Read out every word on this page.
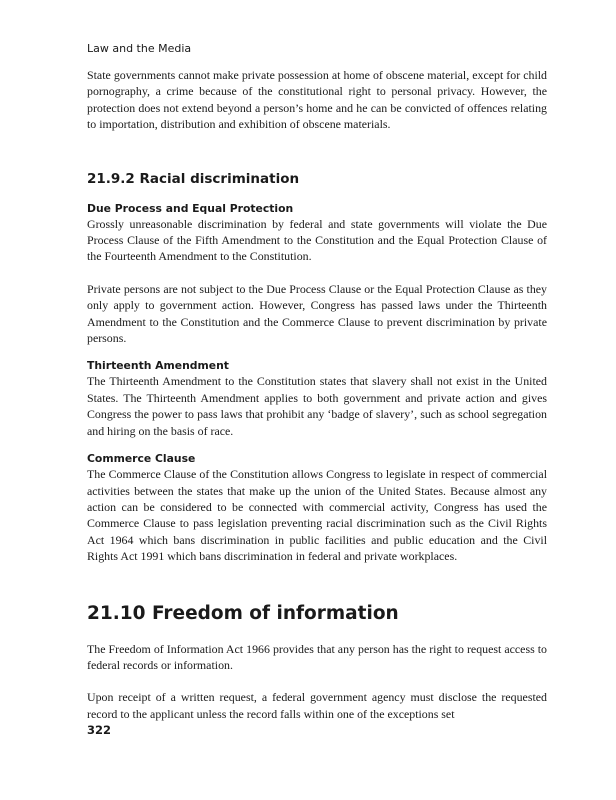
Law and the Media

State governments cannot make private possession at home of obscene material, except for child pornography, a crime because of the constitutional right to personal privacy. However, the protection does not extend beyond a person’s home and he can be convicted of offences relating to importation, distribution and exhibition of obscene materials.

21.9.2 Racial discrimination
Due Process and Equal Protection

Grossly unreasonable discrimination by federal and state governments will violate the Due Process Clause of the Fifth Amendment to the Constitution and the Equal Protection Clause of the Fourteenth Amendment to the Constitution.

Private persons are not subject to the Due Process Clause or the Equal Protection Clause as they only apply to government action. However, Congress has passed laws under the Thirteenth Amendment to the Constitution and the Commerce Clause to prevent discrimination by private persons.

Thirteenth Amendment

The Thirteenth Amendment to the Constitution states that slavery shall not exist in the United States. The Thirteenth Amendment applies to both government and private action and gives Congress the power to pass laws that prohibit any ‘badge of slavery’, such as school segregation and hiring on the basis of race.

Commerce Clause

The Commerce Clause of the Constitution allows Congress to legislate in respect of commercial activities between the states that make up the union of the United States. Because almost any action can be considered to be connected with commercial activity, Congress has used the Commerce Clause to pass legislation preventing racial discrimination such as the Civil Rights Act 1964 which bans discrimination in public facilities and public education and the Civil Rights Act 1991 which bans discrimination in federal and private workplaces.

21.10 Freedom of information

The Freedom of Information Act 1966 provides that any person has the right to request access to federal records or information.

Upon receipt of a written request, a federal government agency must disclose the requested record to the applicant unless the record falls within one of the exceptions set

322
